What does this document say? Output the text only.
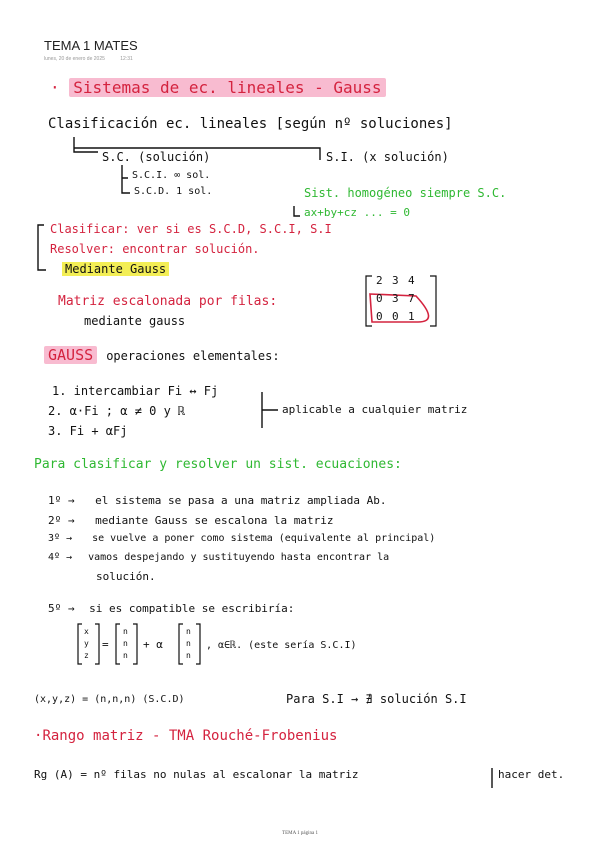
TEMA 1 MATES
lunes, 20 de enero de 2025	12:31
· Sistemas de ec. lineales - Gauss
Clasificación ec. lineales [según nº soluciones]
S.C. (solución)	S.I. (x solución)
S.C.I. ∞ sol.
S.C.D. 1 sol.	Sist. homogéneo siempre S.C.
ax+by+cz ... = 0
Clasificar: ver si es S.C.D, S.C.I, S.I
Resolver: encontrar solución.
Mediante Gauss
Matriz escalonada por filas:
mediante gauss
2 3 4
0 3 7
0 0 1
GAUSS operaciones elementales:
1. intercambiar Fi ↔ Fj
2. α·Fi ; α ≠ 0 y ℝ
3. Fi + αFj
aplicable a cualquier matriz
Para clasificar y resolver un sist. ecuaciones:
1º → el sistema se pasa a una matriz ampliada Ab.
2º → mediante Gauss se escalona la matriz
3º → se vuelve a poner como sistema (equivalente al principal)
4º → vamos despejando y sustituyendo hasta encontrar la
solución.
5º → si es compatible se escribiría:
x
y
z
=
n
n
n
+ α
n
n
n
, α∈ℝ. (este sería S.C.I)
(x,y,z) = (n,n,n) (S.C.D)	Para S.I → ∄ solución S.I
·Rango matriz - TMA Rouché-Frobenius
Rg (A) = nº filas no nulas al escalonar la matriz	hacer det.
TEMA 1 página 1
